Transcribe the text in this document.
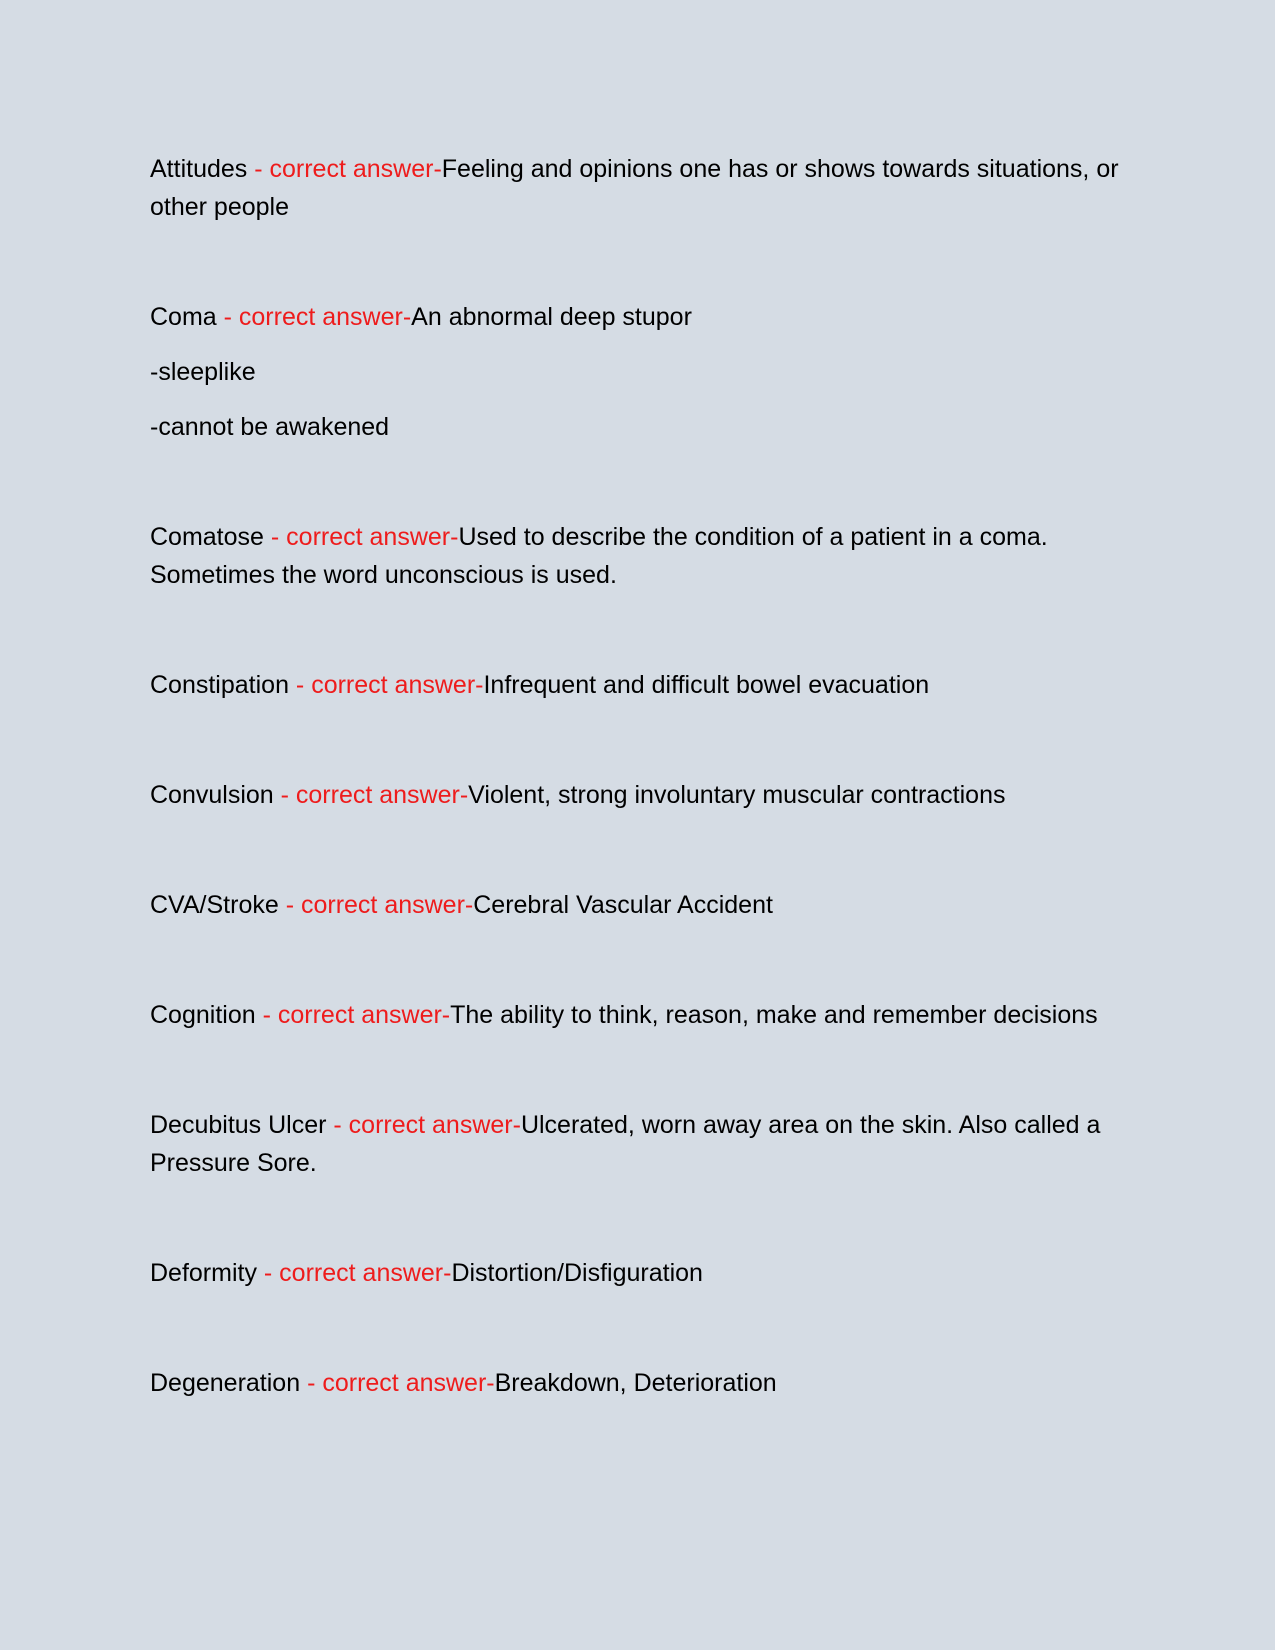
Attitudes - correct answer-Feeling and opinions one has or shows towards situations, or other people
Coma - correct answer-An abnormal deep stupor
-sleeplike
-cannot be awakened
Comatose - correct answer-Used to describe the condition of a patient in a coma. Sometimes the word unconscious is used.
Constipation - correct answer-Infrequent and difficult bowel evacuation
Convulsion - correct answer-Violent, strong involuntary muscular contractions
CVA/Stroke - correct answer-Cerebral Vascular Accident
Cognition - correct answer-The ability to think, reason, make and remember decisions
Decubitus Ulcer - correct answer-Ulcerated, worn away area on the skin. Also called a Pressure Sore.
Deformity - correct answer-Distortion/Disfiguration
Degeneration - correct answer-Breakdown, Deterioration
